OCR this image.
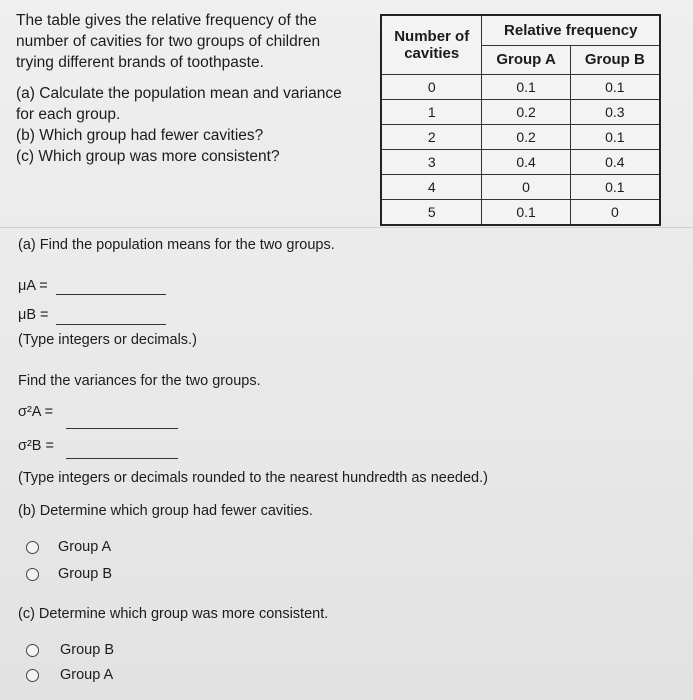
The table gives the relative frequency of the

number of cavities for two groups of children

trying different brands of toothpaste.

(a) Calculate the population mean and variance

for each group.

(b) Which group had fewer cavities?

(c) Which group was more consistent?

Number of
cavities	Relative frequency	
	Group A	Group B
0	0.1	0.1
1	0.2	0.3
2	0.2	0.1
3	0.4	0.4
4	0	0.1
5	0.1	0
(a) Find the population means for the two groups.
μA =
μB =
(Type integers or decimals.)
Find the variances for the two groups.
σ²A =
σ²B =
(Type integers or decimals rounded to the nearest hundredth as needed.)
(b) Determine which group had fewer cavities.
Group A
Group B
(c) Determine which group was more consistent.
Group B
Group A
